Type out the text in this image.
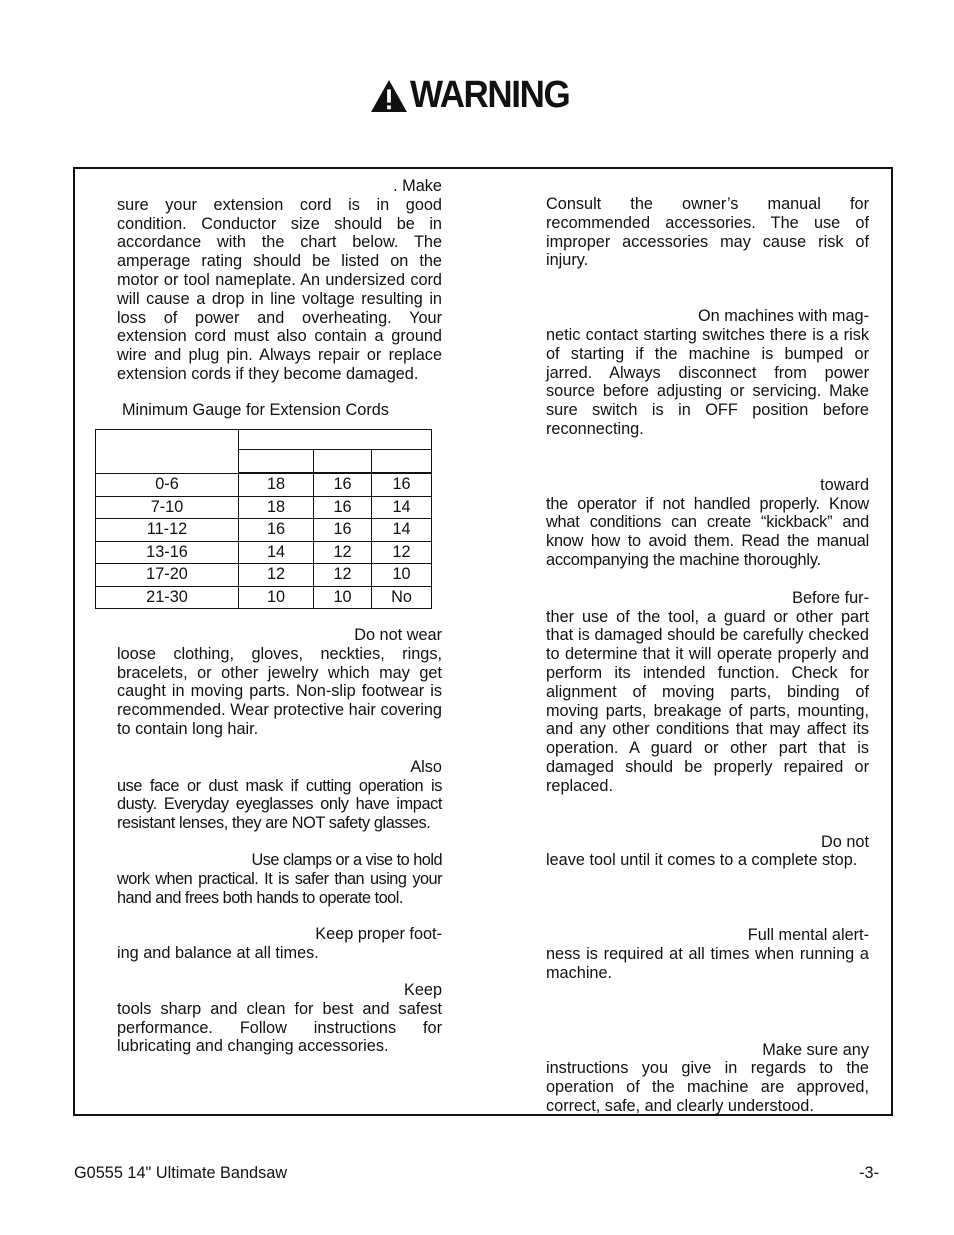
WARNING
. Make

sure your extension cord is in good condition. Conductor size should be in accordance with the chart below. The amperage rating should be listed on the motor or tool nameplate. An undersized cord will cause a drop in line voltage resulting in loss of power and overheating. Your extension cord must also contain a ground wire and plug pin. Always repair or replace extension cords if they become damaged.

Minimum Gauge for Extension Cords

0-6	18	16	16
7-10	18	16	14
11-12	16	16	14
13-16	14	12	12
17-20	12	12	10
21-30	10	10	No
Do not wear

loose clothing, gloves, neckties, rings, bracelets, or other jewelry which may get caught in moving parts. Non-slip footwear is recommended. Wear protective hair covering to contain long hair.

Also

use face or dust mask if cutting operation is dusty. Everyday eyeglasses only have impact resistant lenses, they are NOT safety glasses.

Use clamps or a vise to hold

work when practical. It is safer than using your hand and frees both hands to operate tool.

Keep proper foot-

ing and balance at all times.

Keep

tools sharp and clean for best and safest performance. Follow instructions for lubricating and changing accessories.

Consult the owner’s manual for recommended accessories. The use of improper accessories may cause risk of injury.

On machines with mag-

netic contact starting switches there is a risk of starting if the machine is bumped or jarred. Always disconnect from power source before adjusting or servicing. Make sure switch is in OFF position before reconnecting.

toward

the operator if not handled properly. Know what conditions can create “kickback” and know how to avoid them. Read the manual accompanying the machine thoroughly.

Before fur-

ther use of the tool, a guard or other part that is damaged should be carefully checked to determine that it will operate properly and perform its intended function. Check for alignment of moving parts, binding of moving parts, breakage of parts, mounting, and any other conditions that may affect its operation. A guard or other part that is damaged should be properly repaired or replaced.

Do not

leave tool until it comes to a complete stop.

Full mental alert-

ness is required at all times when running a machine.

Make sure any

instructions you give in regards to the operation of the machine are approved, correct, safe, and clearly understood.

G0555 14" Ultimate Bandsaw	-3-
